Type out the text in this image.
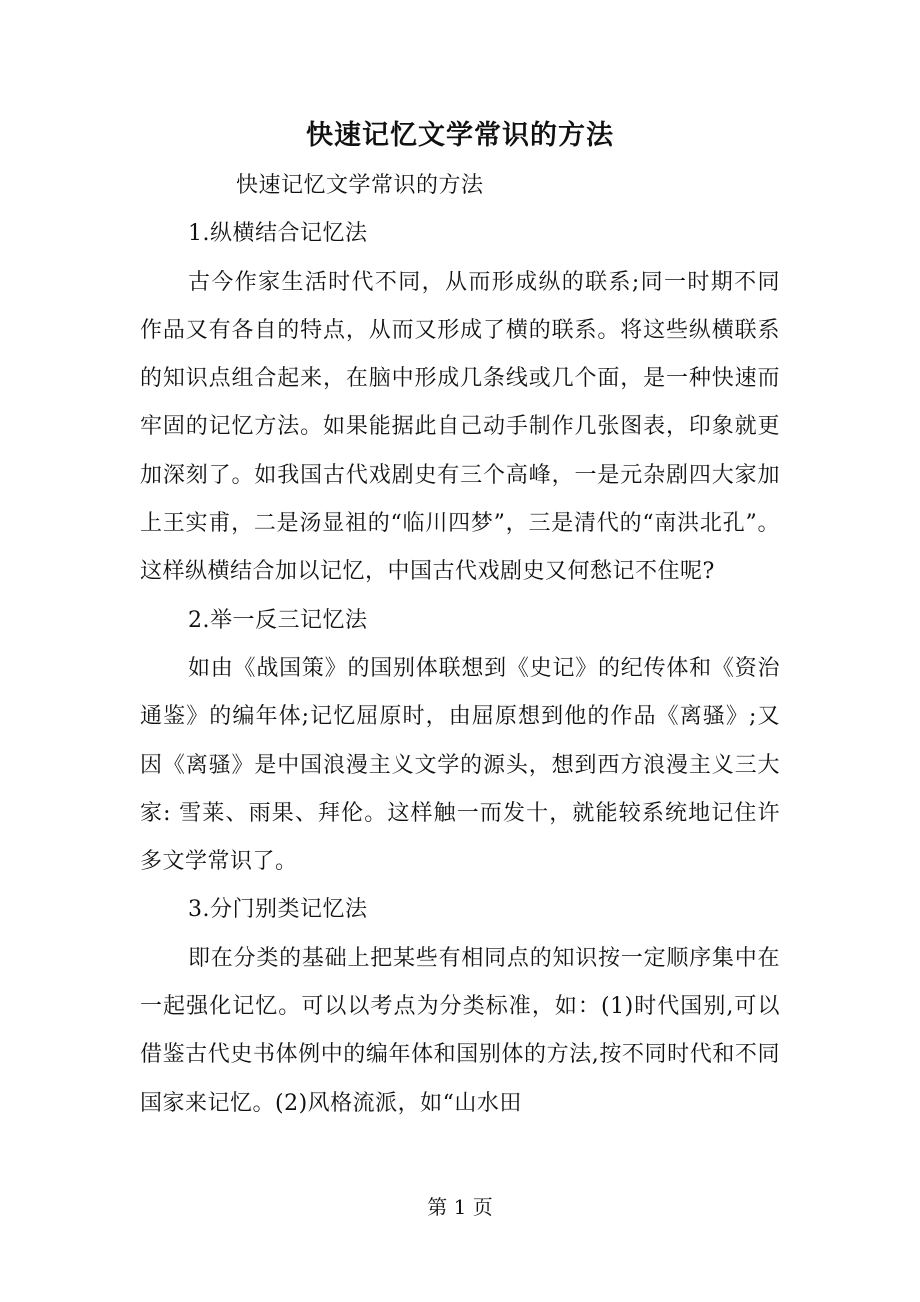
快速记忆文学常识的方法

快速记忆文学常识的方法

1.纵横结合记忆法

古今作家生活时代不同，从而形成纵的联系;同一时期不同作品又有各自的特点，从而又形成了横的联系。将这些纵横联系的知识点组合起来，在脑中形成几条线或几个面，是一种快速而牢固的记忆方法。如果能据此自己动手制作几张图表，印象就更加深刻了。如我国古代戏剧史有三个高峰，一是元杂剧四大家加上王实甫，二是汤显祖的“临川四梦”，三是清代的“南洪北孔”。这样纵横结合加以记忆，中国古代戏剧史又何愁记不住呢?

2.举一反三记忆法

如由《战国策》的国别体联想到《史记》的纪传体和《资治通鉴》的编年体;记忆屈原时，由屈原想到他的作品《离骚》;又因《离骚》是中国浪漫主义文学的源头，想到西方浪漫主义三大家: 雪莱、雨果、拜伦。这样触一而发十，就能较系统地记住许多文学常识了。

3.分门别类记忆法

即在分类的基础上把某些有相同点的知识按一定顺序集中在一起强化记忆。可以以考点为分类标准，如：(1)时代国别,可以借鉴古代史书体例中的编年体和国别体的方法,按不同时代和不同国家来记忆。(2)风格流派，如“山水田

第 1 页
